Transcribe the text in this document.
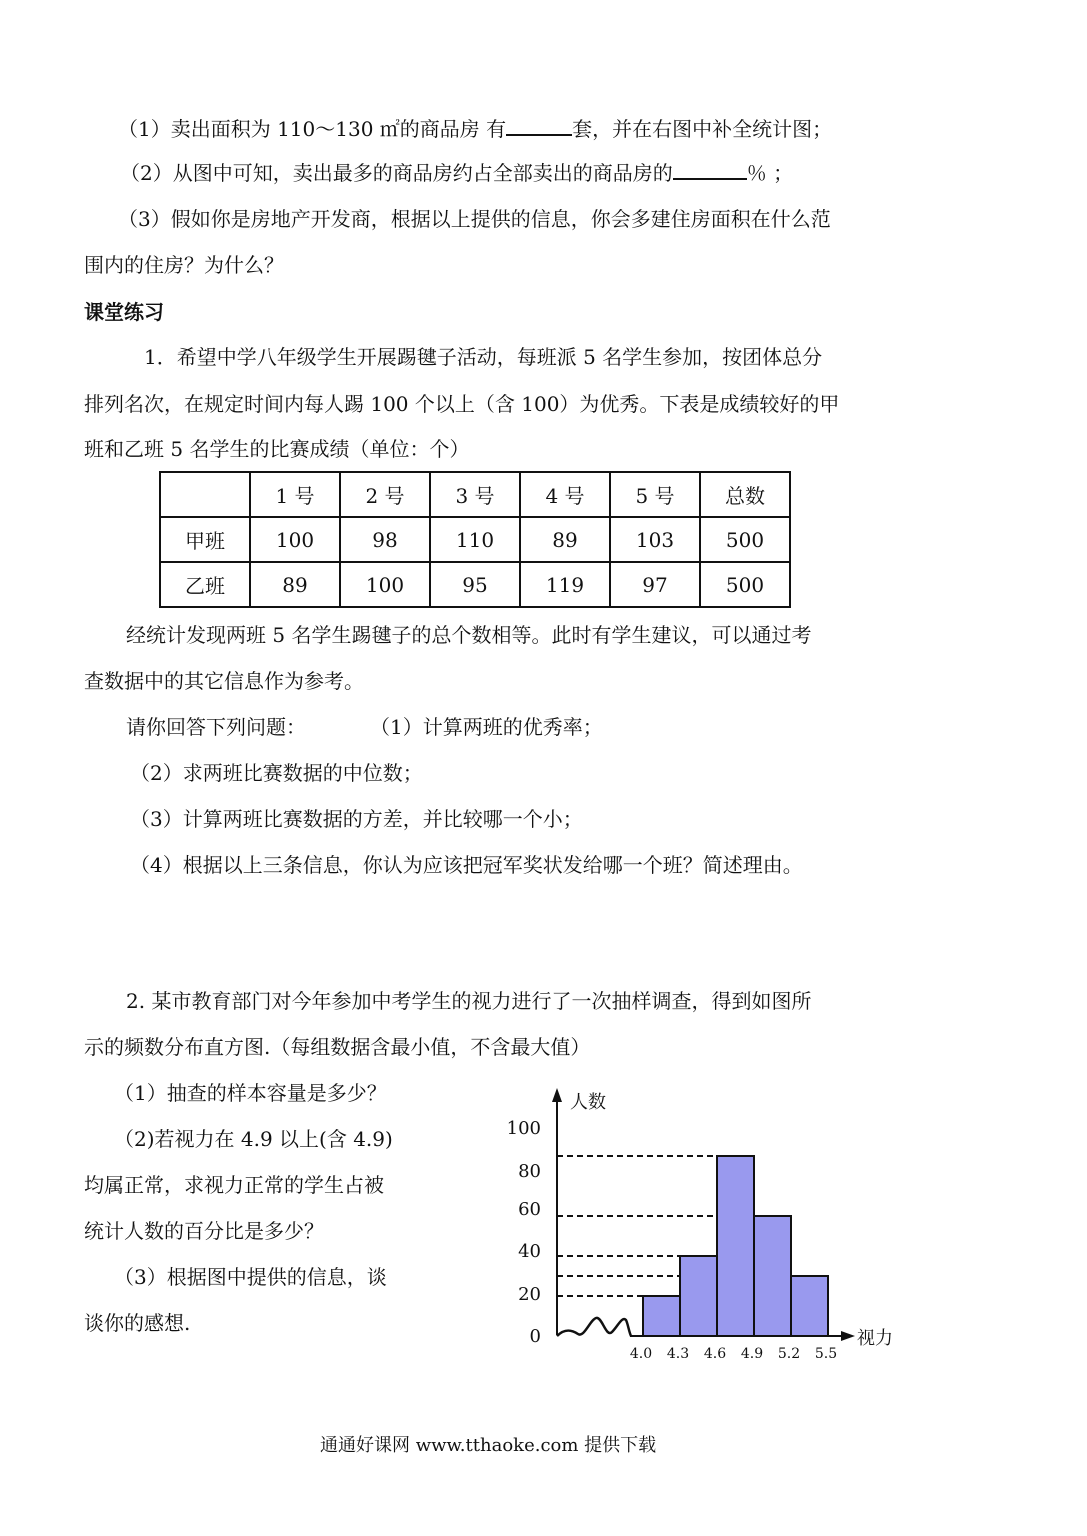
（1）卖出面积为 110～130 ㎡的商品房 有	套，并在右图中补全统计图；
（2）从图中可知，卖出最多的商品房约占全部卖出的商品房的	％ ；
（3）假如你是房地产开发商，根据以上提供的信息，你会多建住房面积在什么范
围内的住房？为什么？
课堂练习
1．希望中学八年级学生开展踢毽子活动，每班派 5 名学生参加，按团体总分
排列名次，在规定时间内每人踢 100 个以上（含 100）为优秀。下表是成绩较好的甲
班和乙班 5 名学生的比赛成绩（单位：个）
	1 号	2 号	3 号	4 号	5 号	总数
甲班	100	98	110	89	103	500
乙班	89	100	95	119	97	500
经统计发现两班 5 名学生踢毽子的总个数相等。此时有学生建议，可以通过考
查数据中的其它信息作为参考。
请你回答下列问题：	（1）计算两班的优秀率；
（2）求两班比赛数据的中位数；
（3）计算两班比赛数据的方差，并比较哪一个小；
（4）根据以上三条信息，你认为应该把冠军奖状发给哪一个班？简述理由。
2. 某市教育部门对今年参加中考学生的视力进行了一次抽样调查，得到如图所
示的频数分布直方图.（每组数据含最小值，不含最大值）
（1）抽查的样本容量是多少？
（2)若视力在 4.9 以上(含 4.9)
均属正常，求视力正常的学生占被
统计人数的百分比是多少？
（3）根据图中提供的信息，谈
谈你的感想.
人数
视力
0
20
40
60
80
100
4.0 4.3 4.6 4.9 5.2 5.5
通通好课网 www.tthaoke.com 提供下载
